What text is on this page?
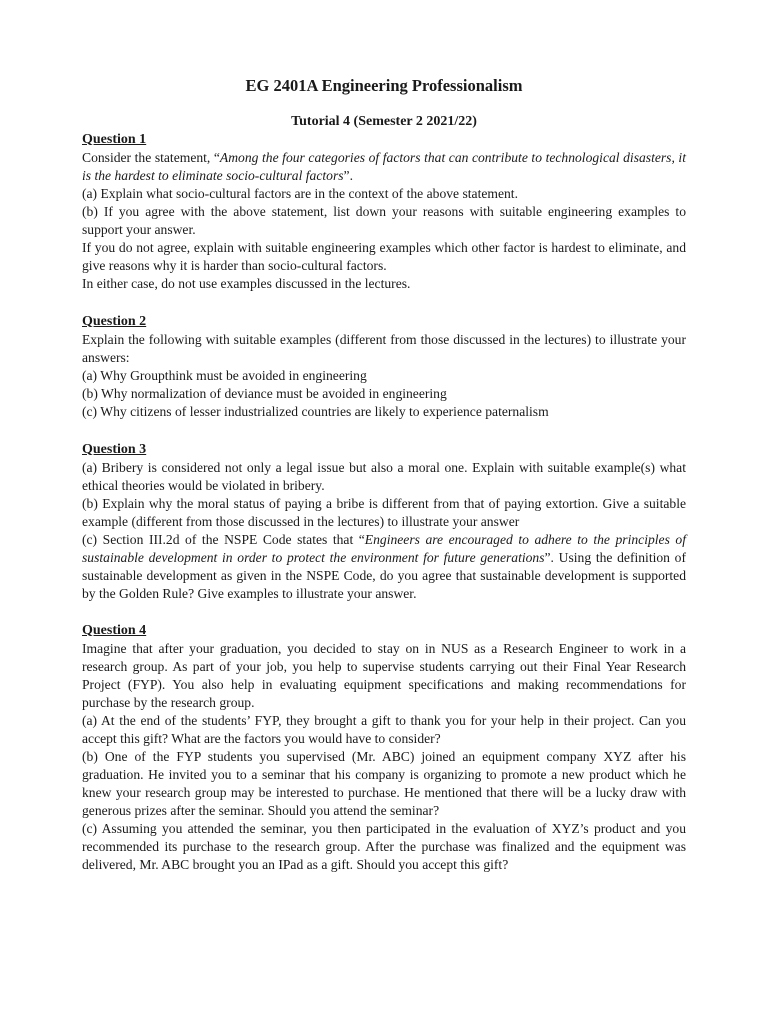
EG 2401A Engineering Professionalism
Tutorial 4 (Semester 2 2021/22)
Question 1

Consider the statement, “Among the four categories of factors that can contribute to technological disasters, it is the hardest to eliminate socio-cultural factors”.

(a) Explain what socio-cultural factors are in the context of the above statement.

(b) If you agree with the above statement, list down your reasons with suitable engineering examples to support your answer.

If you do not agree, explain with suitable engineering examples which other factor is hardest to eliminate, and give reasons why it is harder than socio-cultural factors.

In either case, do not use examples discussed in the lectures.

Question 2

Explain the following with suitable examples (different from those discussed in the lectures) to illustrate your answers:

(a) Why Groupthink must be avoided in engineering

(b) Why normalization of deviance must be avoided in engineering

(c) Why citizens of lesser industrialized countries are likely to experience paternalism

Question 3

(a) Bribery is considered not only a legal issue but also a moral one. Explain with suitable example(s) what ethical theories would be violated in bribery.

(b) Explain why the moral status of paying a bribe is different from that of paying extortion. Give a suitable example (different from those discussed in the lectures) to illustrate your answer

(c) Section III.2d of the NSPE Code states that “Engineers are encouraged to adhere to the principles of sustainable development in order to protect the environment for future generations”. Using the definition of sustainable development as given in the NSPE Code, do you agree that sustainable development is supported by the Golden Rule? Give examples to illustrate your answer.

Question 4

Imagine that after your graduation, you decided to stay on in NUS as a Research Engineer to work in a research group. As part of your job, you help to supervise students carrying out their Final Year Research Project (FYP). You also help in evaluating equipment specifications and making recommendations for purchase by the research group.

(a) At the end of the students’ FYP, they brought a gift to thank you for your help in their project. Can you accept this gift? What are the factors you would have to consider?

(b) One of the FYP students you supervised (Mr. ABC) joined an equipment company XYZ after his graduation. He invited you to a seminar that his company is organizing to promote a new product which he knew your research group may be interested to purchase. He mentioned that there will be a lucky draw with generous prizes after the seminar. Should you attend the seminar?

(c) Assuming you attended the seminar, you then participated in the evaluation of XYZ’s product and you recommended its purchase to the research group. After the purchase was finalized and the equipment was delivered, Mr. ABC brought you an IPad as a gift. Should you accept this gift?
